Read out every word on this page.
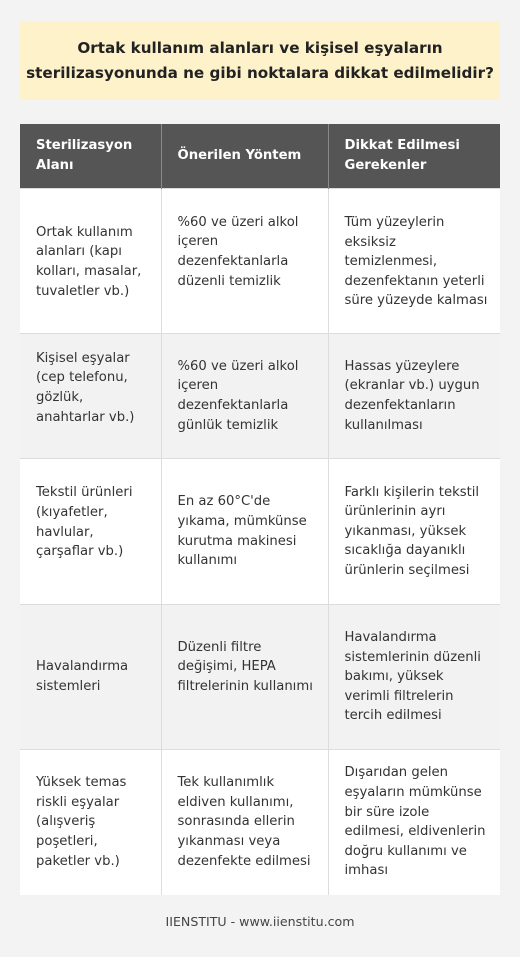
Ortak kullanım alanları ve kişisel eşyaların
sterilizasyonunda ne gibi noktalara dikkat edilmelidir?
Sterilizasyon Alanı	Önerilen Yöntem	Dikkat Edilmesi Gerekenler

Ortak kullanım alanları (kapı kolları, masalar, tuvaletler vb.)	%60 ve üzeri alkol içeren dezenfektanlarla düzenli temizlik	Tüm yüzeylerin eksiksiz temizlenmesi, dezenfektanın yeterli süre yüzeyde kalması

Kişisel eşyalar (cep telefonu, gözlük, anahtarlar vb.)	%60 ve üzeri alkol içeren dezenfektanlarla günlük temizlik	Hassas yüzeylere (ekranlar vb.) uygun dezenfektanların kullanılması

Tekstil ürünleri (kıyafetler, havlular, çarşaflar vb.)	En az 60°C'de yıkama, mümkünse kurutma makinesi kullanımı	Farklı kişilerin tekstil ürünlerinin ayrı yıkanması, yüksek sıcaklığa dayanıklı ürünlerin seçilmesi

Havalandırma sistemleri	Düzenli filtre değişimi, HEPA filtrelerinin kullanımı	Havalandırma sistemlerinin düzenli bakımı, yüksek verimli filtrelerin tercih edilmesi

Yüksek temas riskli eşyalar (alışveriş poşetleri, paketler vb.)	Tek kullanımlık eldiven kullanımı, sonrasında ellerin yıkanması veya dezenfekte edilmesi	Dışarıdan gelen eşyaların mümkünse bir süre izole edilmesi, eldivenlerin doğru kullanımı ve imhası
IIENSTITU - www.iienstitu.com
